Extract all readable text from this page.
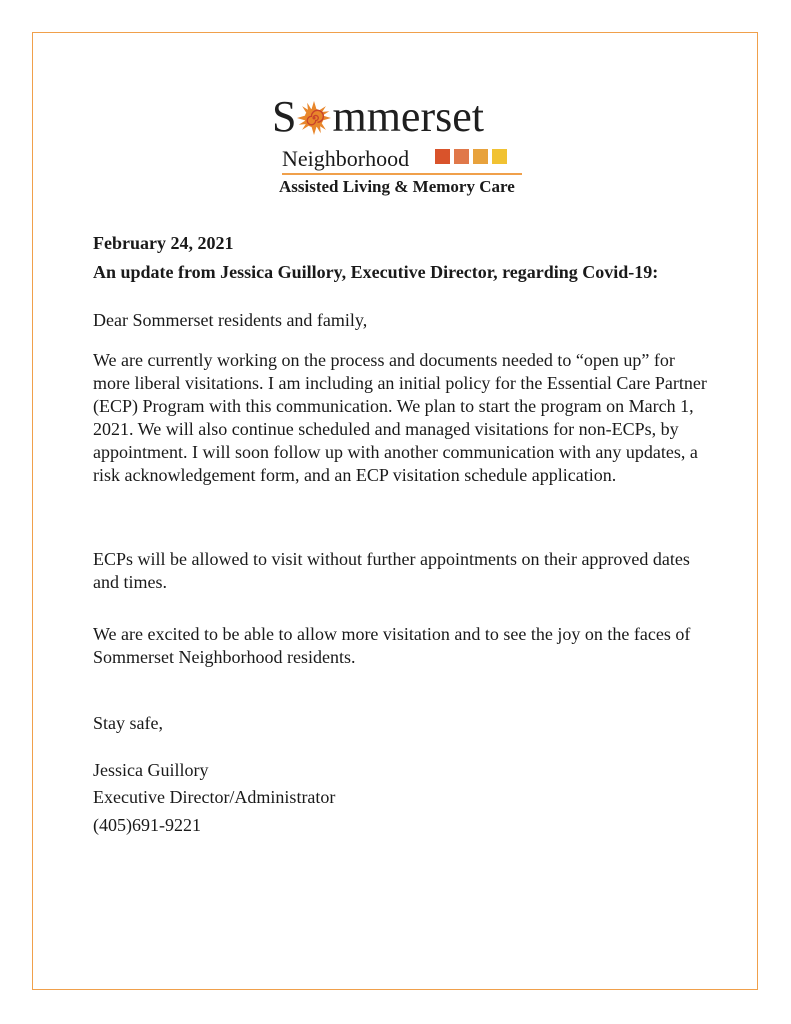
S mmerset
Neighborhood
Assisted Living & Memory Care
February 24, 2021
An update from Jessica Guillory, Executive Director, regarding Covid-19:

Dear Sommerset residents and family,

We are currently working on the process and documents needed to “open up” for more liberal visitations. I am including an initial policy for the Essential Care Partner (ECP) Program with this communication. We plan to start the program on March 1, 2021. We will also continue scheduled and managed visitations for non-ECPs, by appointment. I will soon follow up with another communication with any updates, a risk acknowledgement form, and an ECP visitation schedule application.

ECPs will be allowed to visit without further appointments on their approved dates and times.

We are excited to be able to allow more visitation and to see the joy on the faces of Sommerset Neighborhood residents.

Stay safe,

Jessica Guillory

Executive Director/Administrator

(405)691-9221
